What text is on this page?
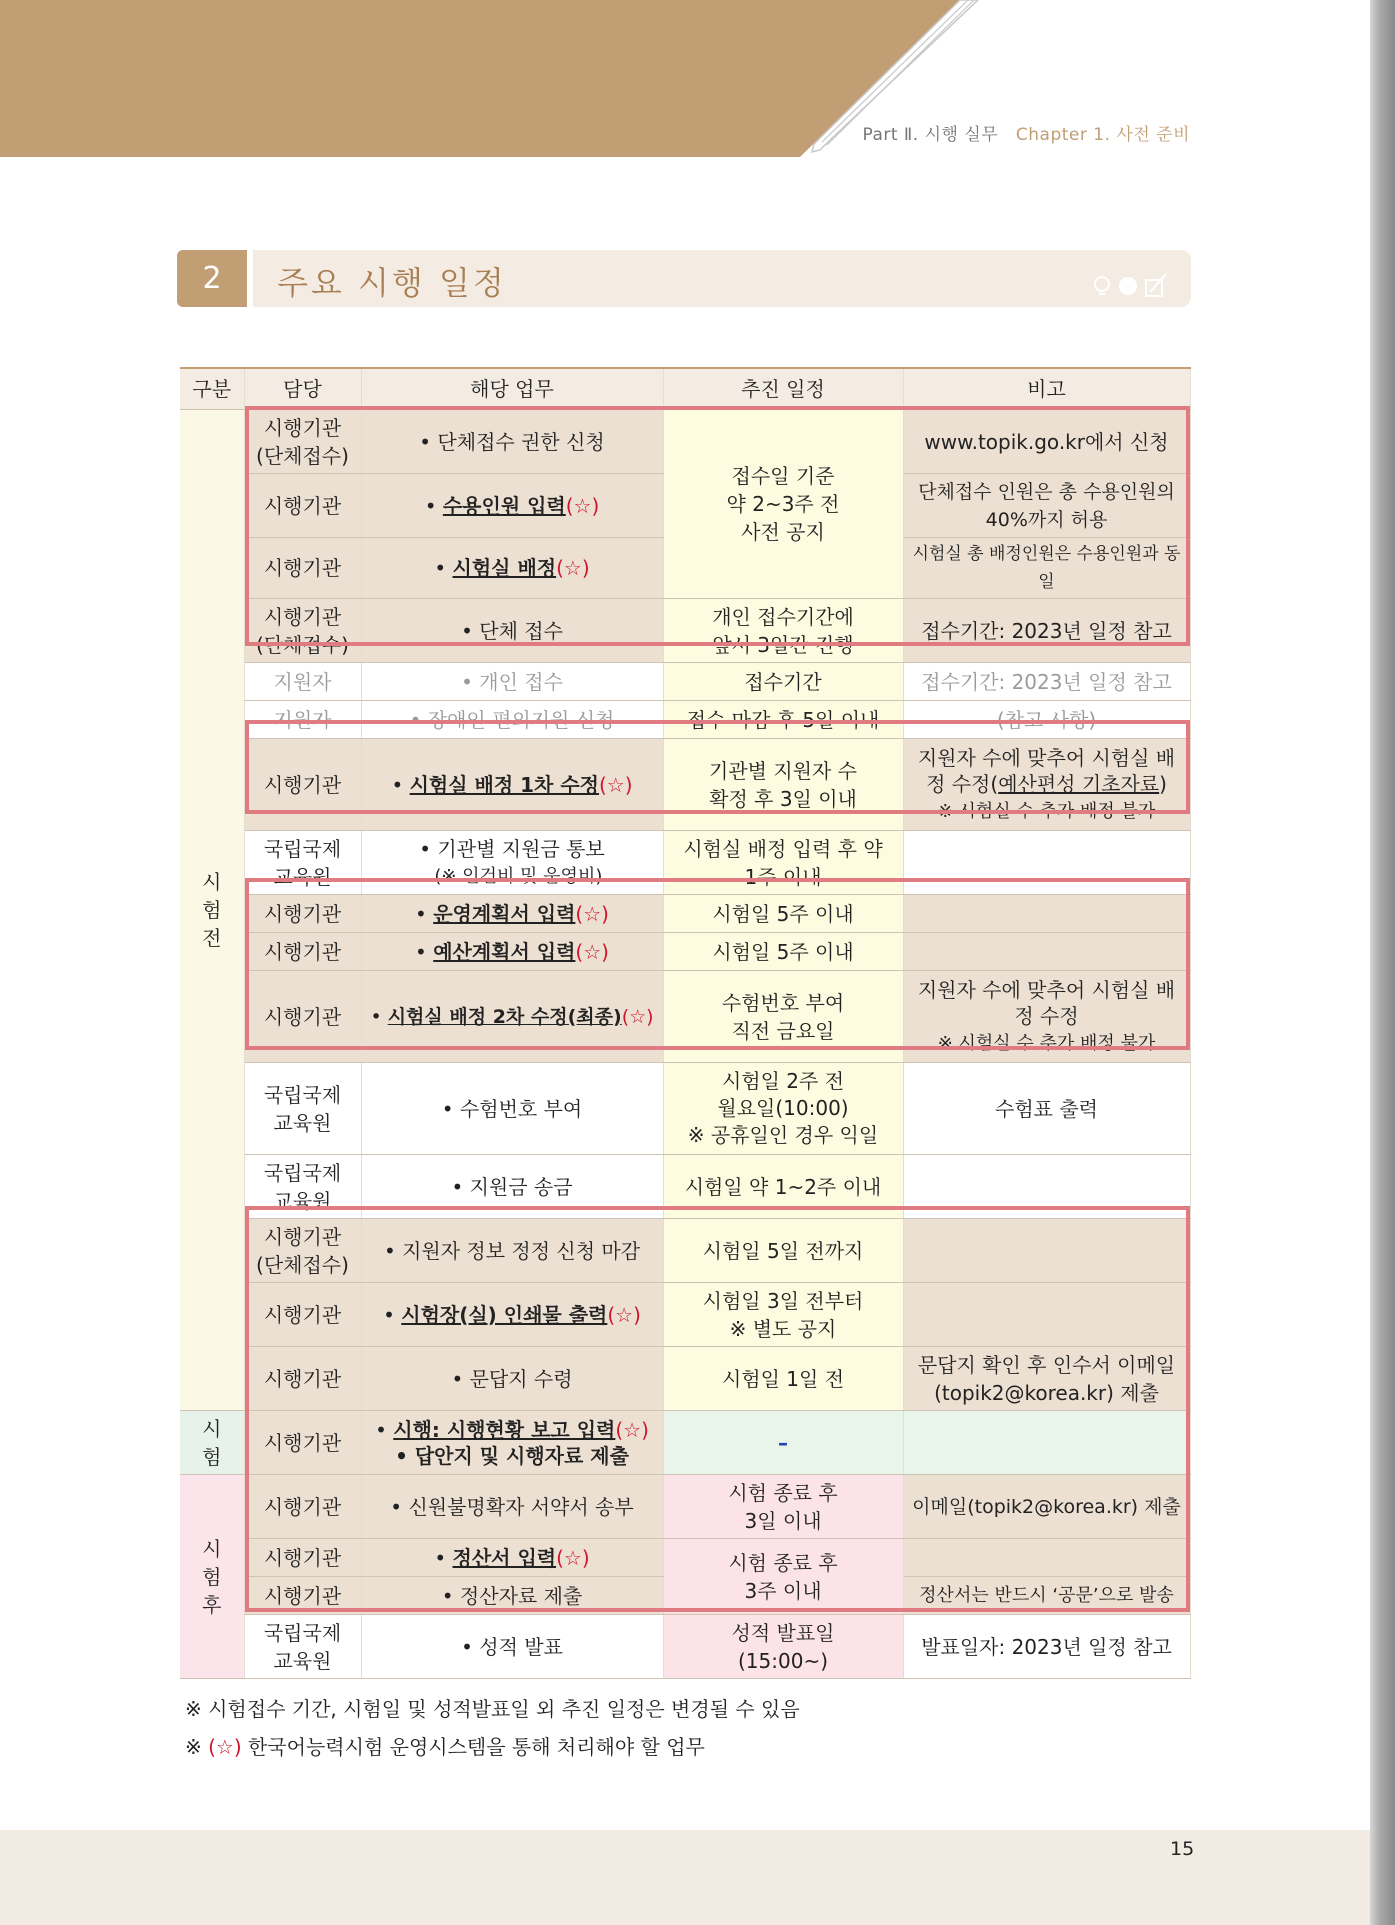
Part Ⅱ. 시행 실무 Chapter 1. 사전 준비
2	주요 시행 일정
구분	담당	해당 업무	추진 일정	비고
시험전	시행기관
(단체접수)	• 단체접수 권한 신청	접수일 기준
약 2~3주 전
사전 공지	www.topik.go.kr에서 신청
	시행기관	• 수용인원 입력(☆)		단체접수 인원은 총 수용인원의 40%까지 허용
	시행기관	• 시험실 배정(☆)		시험실 총 배정인원은 수용인원과 동일
	시행기관
(단체접수)	• 단체 접수	개인 접수기간에
앞서 3일간 진행	접수기간: 2023년 일정 참고
	지원자	• 개인 접수	접수기간	접수기간: 2023년 일정 참고
	지원자	• 장애인 편의지원 신청	접수 마감 후 5일 이내	(참고 사항)
	시행기관	• 시험실 배정 1차 수정(☆)	기관별 지원자 수
확정 후 3일 이내	지원자 수에 맞추어 시험실 배정 수정(예산편성 기초자료)
※ 시험실 수 추가 배정 불가
	국립국제
교육원	• 기관별 지원금 통보
(※ 인건비 및 운영비)	시험실 배정 입력 후 약
1주 이내	
	시행기관	• 운영계획서 입력(☆)	시험일 5주 이내	
	시행기관	• 예산계획서 입력(☆)	시험일 5주 이내	
	시행기관	• 시험실 배정 2차 수정(최종)(☆)	수험번호 부여
직전 금요일	지원자 수에 맞추어 시험실 배정 수정
※ 시험실 수 추가 배정 불가
	국립국제
교육원	• 수험번호 부여	시험일 2주 전
월요일(10:00)
※ 공휴일인 경우 익일	수험표 출력
	국립국제
교육원	• 지원금 송금	시험일 약 1~2주 이내	
	시행기관
(단체접수)	• 지원자 정보 정정 신청 마감	시험일 5일 전까지	
	시행기관	• 시험장(실) 인쇄물 출력(☆)	시험일 3일 전부터
※ 별도 공지	
	시행기관	• 문답지 수령	시험일 1일 전	문답지 확인 후 인수서 이메일 (topik2@korea.kr) 제출
시험	시행기관	• 시행: 시행현황 보고 입력(☆)
• 답안지 및 시행자료 제출	–	
시험후	시행기관	• 신원불명확자 서약서 송부	시험 종료 후
3일 이내	이메일(topik2@korea.kr) 제출
	시행기관	• 정산서 입력(☆)	시험 종료 후
3주 이내	
	시행기관	• 정산자료 제출		정산서는 반드시 ‘공문’으로 발송
	국립국제
교육원	• 성적 발표	성적 발표일
(15:00~)	발표일자: 2023년 일정 참고
※ 시험접수 기간, 시험일 및 성적발표일 외 추진 일정은 변경될 수 있음
※ (☆) 한국어능력시험 운영시스템을 통해 처리해야 할 업무
15
